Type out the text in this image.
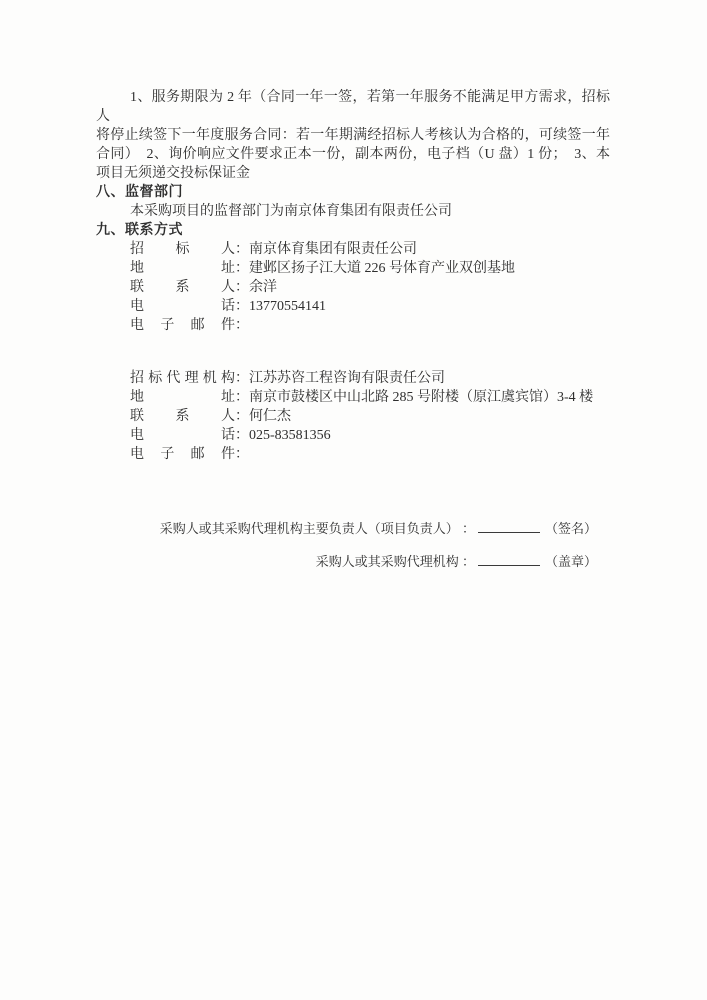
1、服务期限为 2 年（合同一年一签，若第一年服务不能满足甲方需求，招标人
将停止续签下一年度服务合同：若一年期满经招标人考核认为合格的，可续签一年
合同）　2、询价响应文件要求正本一份，副本两份，电子档（U 盘）1 份；　3、本
项目无须递交投标保证金
八、监督部门
本采购项目的监督部门为南京体育集团有限责任公司
九、联系方式
招标人：南京体育集团有限责任公司
地址：建邺区扬子江大道 226 号体育产业双创基地
联系人：余洋
电话：13770554141
电子邮件：
招标代理机构：江苏苏咨工程咨询有限责任公司
地址：南京市鼓楼区中山北路 285 号附楼（原江虞宾馆）3-4 楼
联系人：何仁杰
电话：025-83581356
电子邮件：
采购人或其采购代理机构主要负责人（项目负责人） ：	（签名）
采购人或其采购代理机构 ：	（盖章）
